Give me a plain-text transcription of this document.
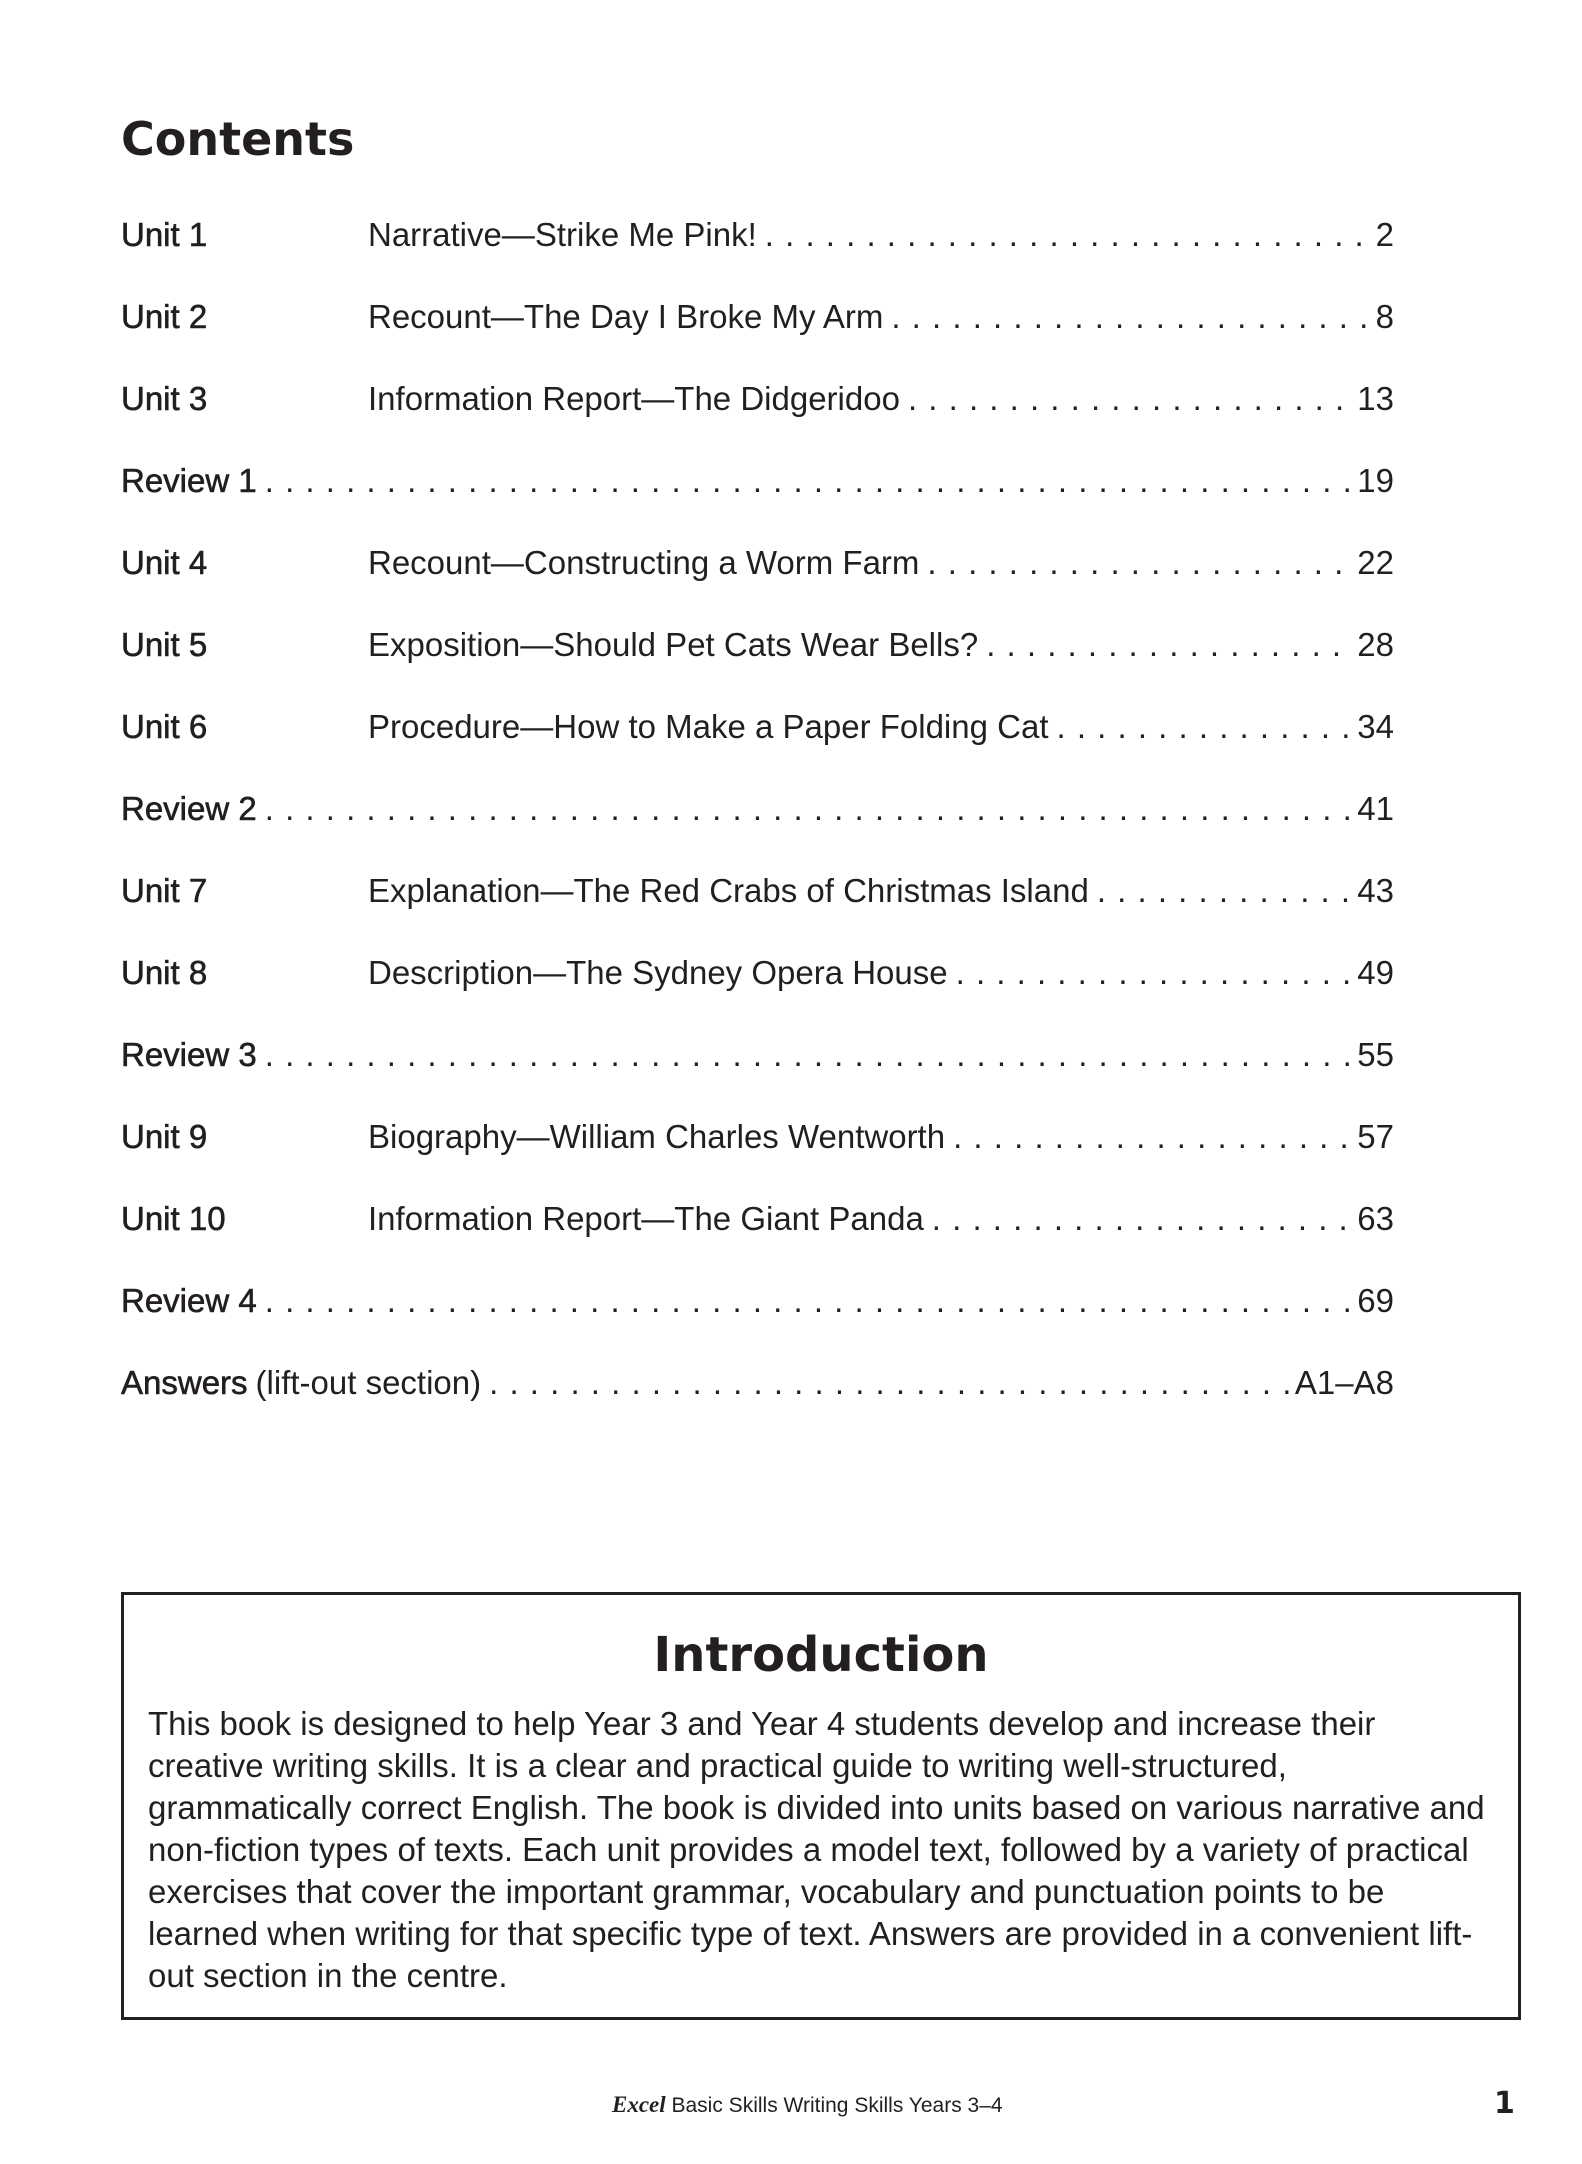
Contents
Unit 1	Narrative—Strike Me Pink! . . .	2
Unit 2	Recount—The Day I Broke My Arm . . .	8
Unit 3	Information Report—The Didgeridoo . . .	13
Review 1 . . .	19
Unit 4	Recount—Constructing a Worm Farm . . .	22
Unit 5	Exposition—Should Pet Cats Wear Bells? . . .	28
Unit 6	Procedure—How to Make a Paper Folding Cat . . .	34
Review 2 . . .	41
Unit 7	Explanation—The Red Crabs of Christmas Island . . .	43
Unit 8	Description—The Sydney Opera House . . .	49
Review 3 . . .	55
Unit 9	Biography—William Charles Wentworth . . .	57
Unit 10	Information Report—The Giant Panda . . .	63
Review 4 . . .	69
Answers (lift-out section) . . .	A1–A8
Introduction

This book is designed to help Year 3 and Year 4 students develop and increase their creative writing skills. It is a clear and practical guide to writing well-structured, grammatically correct English. The book is divided into units based on various narrative and non-fiction types of texts. Each unit provides a model text, followed by a variety of practical exercises that cover the important grammar, vocabulary and punctuation points to be learned when writing for that specific type of text. Answers are provided in a convenient lift-out section in the centre.

Excel Basic Skills Writing Skills Years 3–4	1
